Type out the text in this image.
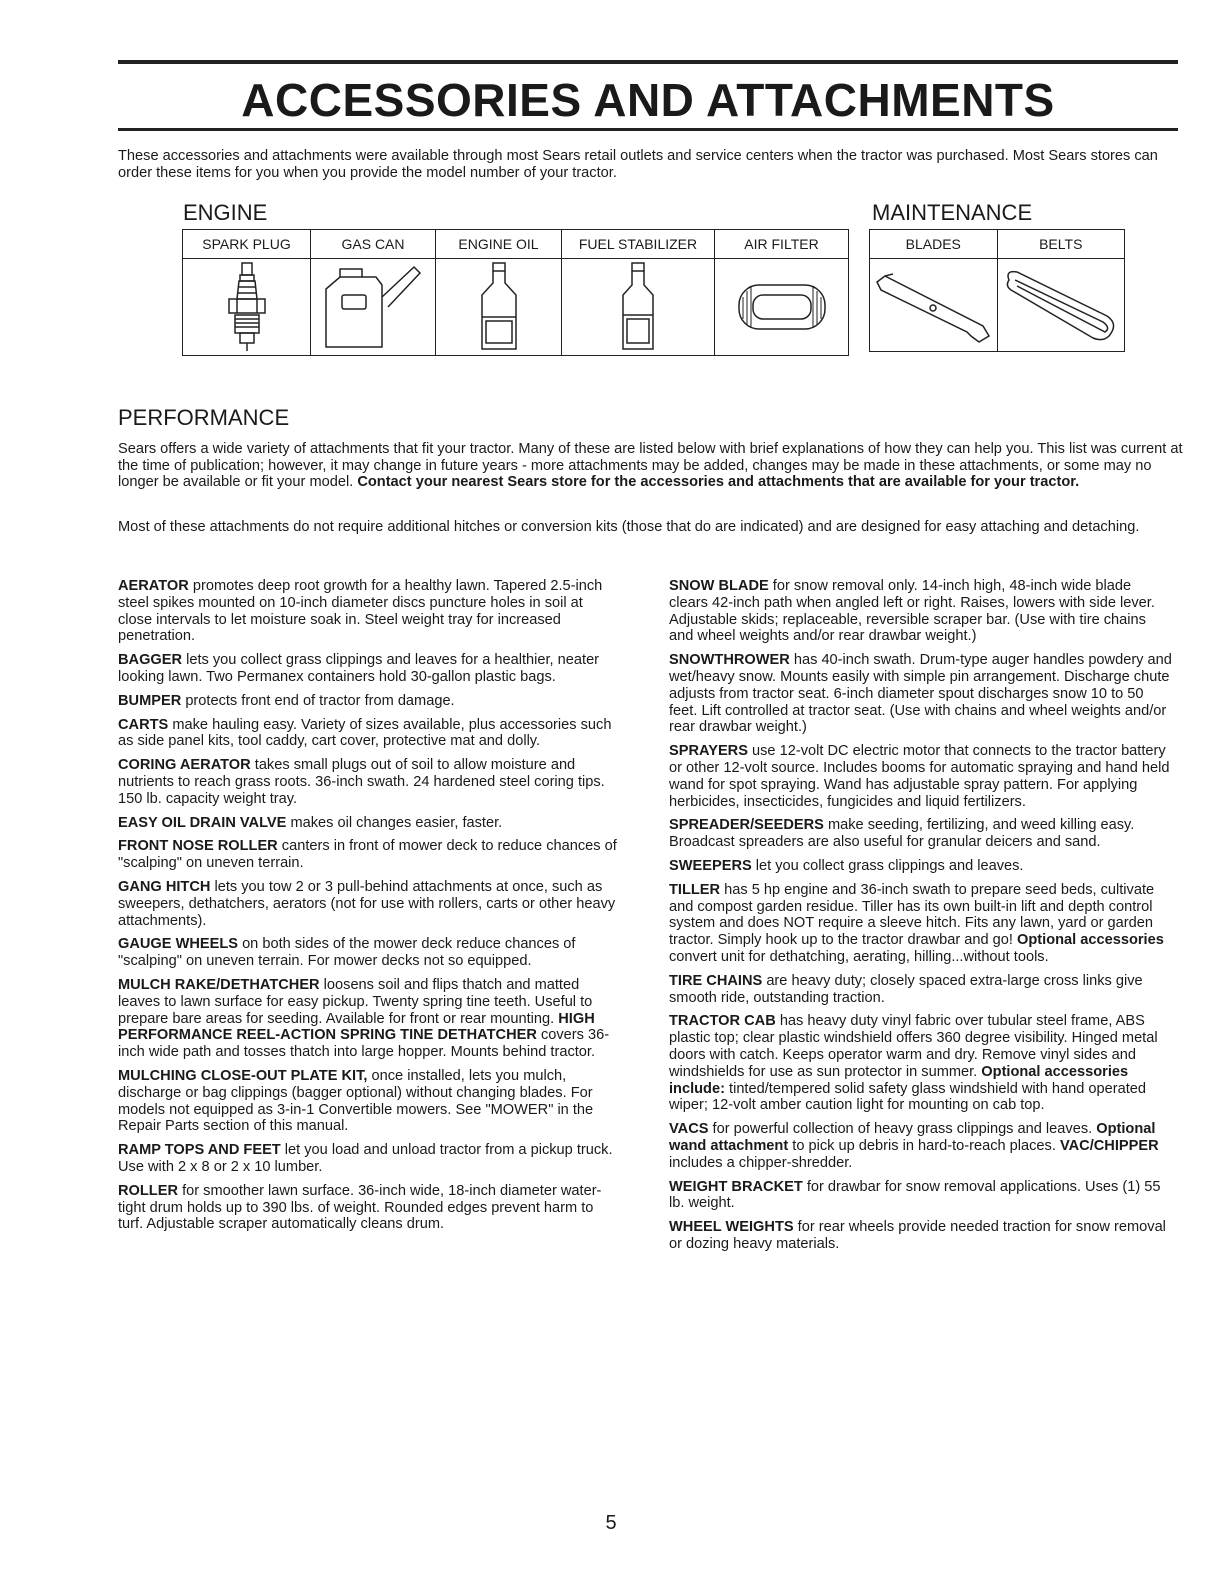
ACCESSORIES AND ATTACHMENTS

These accessories and attachments were available through most Sears retail outlets and service centers when the tractor was purchased. Most Sears stores can order these items for you when you provide the model number of your tractor.

ENGINE	MAINTENANCE
SPARK PLUG	GAS CAN	ENGINE OIL	FUEL STABILIZER	AIR FILTER

		BLADES	BELTS

PERFORMANCE

Sears offers a wide variety of attachments that fit your tractor. Many of these are listed below with brief explanations of how they can help you. This list was current at the time of publication; however, it may change in future years - more attachments may be added, changes may be made in these attachments, or some may no longer be available or fit your model. Contact your nearest Sears store for the accessories and attachments that are available for your tractor.

Most of these attachments do not require additional hitches or conversion kits (those that do are indicated) and are designed for easy attaching and detaching.

AERATOR promotes deep root growth for a healthy lawn. Tapered 2.5-inch steel spikes mounted on 10-inch diameter discs puncture holes in soil at close intervals to let moisture soak in. Steel weight tray for increased penetration.

BAGGER lets you collect grass clippings and leaves for a healthier, neater looking lawn. Two Permanex containers hold 30-gallon plastic bags.

BUMPER protects front end of tractor from damage.

CARTS make hauling easy. Variety of sizes available, plus accessories such as side panel kits, tool caddy, cart cover, protective mat and dolly.

CORING AERATOR takes small plugs out of soil to allow moisture and nutrients to reach grass roots. 36-inch swath. 24 hardened steel coring tips. 150 lb. capacity weight tray.

EASY OIL DRAIN VALVE makes oil changes easier, faster.

FRONT NOSE ROLLER canters in front of mower deck to reduce chances of "scalping" on uneven terrain.

GANG HITCH lets you tow 2 or 3 pull-behind attachments at once, such as sweepers, dethatchers, aerators (not for use with rollers, carts or other heavy attachments).

GAUGE WHEELS on both sides of the mower deck reduce chances of "scalping" on uneven terrain. For mower decks not so equipped.

MULCH RAKE/DETHATCHER loosens soil and flips thatch and matted leaves to lawn surface for easy pickup. Twenty spring tine teeth. Useful to prepare bare areas for seeding. Available for front or rear mounting. HIGH PERFORMANCE REEL-ACTION SPRING TINE DETHATCHER covers 36-inch wide path and tosses thatch into large hopper. Mounts behind tractor.

MULCHING CLOSE-OUT PLATE KIT, once installed, lets you mulch, discharge or bag clippings (bagger optional) without changing blades. For models not equipped as 3-in-1 Convertible mowers. See "MOWER" in the Repair Parts section of this manual.

RAMP TOPS AND FEET let you load and unload tractor from a pickup truck. Use with 2 x 8 or 2 x 10 lumber.

ROLLER for smoother lawn surface. 36-inch wide, 18-inch diameter water-tight drum holds up to 390 lbs. of weight. Rounded edges prevent harm to turf. Adjustable scraper automatically cleans drum.

SNOW BLADE for snow removal only. 14-inch high, 48-inch wide blade clears 42-inch path when angled left or right. Raises, lowers with side lever. Adjustable skids; replaceable, reversible scraper bar. (Use with tire chains and wheel weights and/or rear drawbar weight.)

SNOWTHROWER has 40-inch swath. Drum-type auger handles powdery and wet/heavy snow. Mounts easily with simple pin arrangement. Discharge chute adjusts from tractor seat. 6-inch diameter spout discharges snow 10 to 50 feet. Lift controlled at tractor seat. (Use with chains and wheel weights and/or rear drawbar weight.)

SPRAYERS use 12-volt DC electric motor that connects to the tractor battery or other 12-volt source. Includes booms for automatic spraying and hand held wand for spot spraying. Wand has adjustable spray pattern. For applying herbicides, insecticides, fungicides and liquid fertilizers.

SPREADER/SEEDERS make seeding, fertilizing, and weed killing easy. Broadcast spreaders are also useful for granular deicers and sand.

SWEEPERS let you collect grass clippings and leaves.

TILLER has 5 hp engine and 36-inch swath to prepare seed beds, cultivate and compost garden residue. Tiller has its own built-in lift and depth control system and does NOT require a sleeve hitch. Fits any lawn, yard or garden tractor. Simply hook up to the tractor drawbar and go! Optional accessories convert unit for dethatching, aerating, hilling...without tools.

TIRE CHAINS are heavy duty; closely spaced extra-large cross links give smooth ride, outstanding traction.

TRACTOR CAB has heavy duty vinyl fabric over tubular steel frame, ABS plastic top; clear plastic windshield offers 360 degree visibility. Hinged metal doors with catch. Keeps operator warm and dry. Remove vinyl sides and windshields for use as sun protector in summer. Optional accessories include: tinted/tempered solid safety glass windshield with hand operated wiper; 12-volt amber caution light for mounting on cab top.

VACS for powerful collection of heavy grass clippings and leaves. Optional wand attachment to pick up debris in hard-to-reach places. VAC/CHIPPER includes a chipper-shredder.

WEIGHT BRACKET for drawbar for snow removal applications. Uses (1) 55 lb. weight.

WHEEL WEIGHTS for rear wheels provide needed traction for snow removal or dozing heavy materials.

5
